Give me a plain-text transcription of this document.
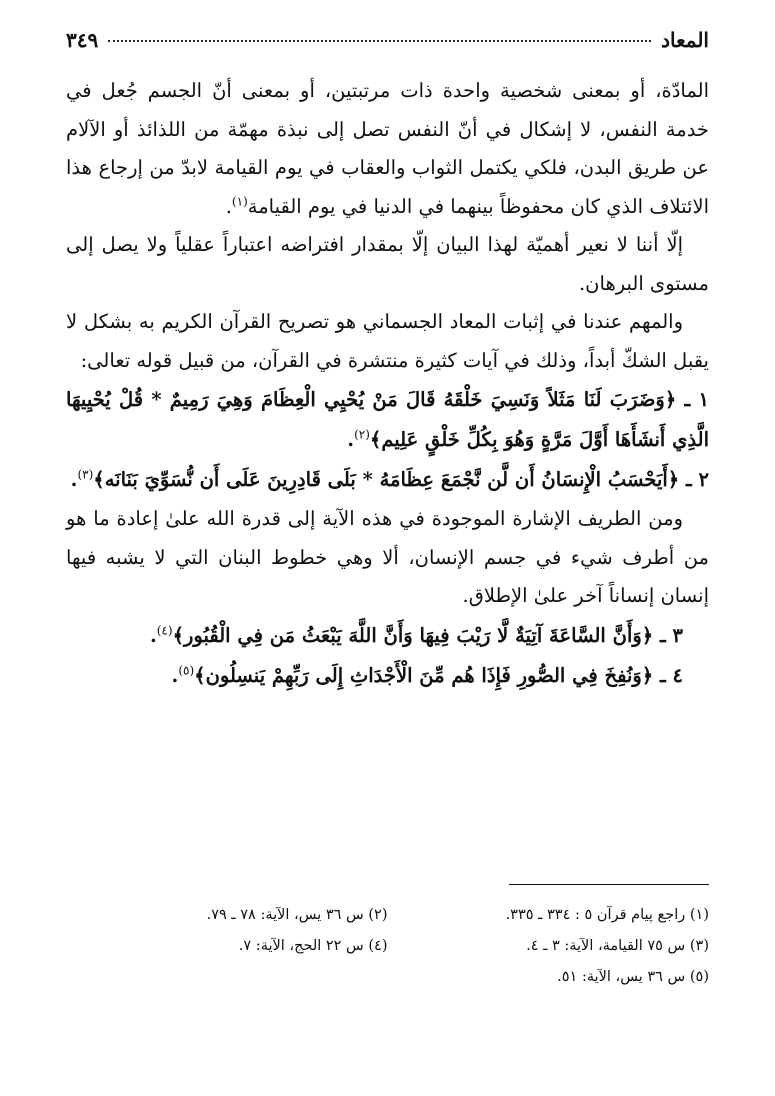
المعاد
٣٤٩

المادّة، أو بمعنى شخصية واحدة ذات مرتبتين، أو بمعنى أنّ الجسم جُعل في خدمة النفس، لا إشكال في أنّ النفس تصل إلى نبذة مهمّة من اللذائذ أو الآلام عن طريق البدن، فلكي يكتمل الثواب والعقاب في يوم القيامة لابدّ من إرجاع هذا الائتلاف الذي كان محفوظاً بينهما في الدنيا في يوم القيامة$^{(١)}$.

إلّا أننا لا نعير أهميّة لهذا البيان إلّا بمقدار افتراضه اعتباراً عقلياً ولا يصل إلى مستوى البرهان.

والمهم عندنا في إثبات المعاد الجسماني هو تصريح القرآن الكريم به بشكل لا يقبل الشكّ أبداً، وذلك في آيات كثيرة منتشرة في القرآن، من قبيل قوله تعالى:

١ ـ ﴿وَضَرَبَ لَنَا مَثَلاً وَنَسِيَ خَلْقَهُ قَالَ مَنْ يُحْيِي الْعِظَامَ وَهِيَ رَمِيمٌ * قُلْ يُحْيِيهَا الَّذِي أَنشَأَهَا أَوَّلَ مَرَّةٍ وَهُوَ بِكُلِّ خَلْقٍ عَلِيم﴾$^{(٢)}$.

٢ ـ ﴿أَيَحْسَبُ الْإِنسَانُ أَن لَّن نَّجْمَعَ عِظَامَهُ * بَلَى قَادِرِينَ عَلَى أَن نُّسَوِّيَ بَنَانَه﴾$^{(٣)}$.

ومن الطريف الإشارة الموجودة في هذه الآية إلى قدرة الله علىٰ إعادة ما هو من أطرف شيء في جسم الإنسان، ألا وهي خطوط البنان التي لا يشبه فيها إنسان إنساناً آخر علىٰ الإطلاق.

٣ ـ ﴿وَأَنَّ السَّاعَةَ آتِيَةٌ لَّا رَيْبَ فِيهَا وَأَنَّ اللَّهَ يَبْعَثُ مَن فِي الْقُبُور﴾$^{(٤)}$.

٤ ـ ﴿وَنُفِخَ فِي الصُّورِ فَإِذَا هُم مِّنَ الْأَجْدَاثِ إِلَى رَبِّهِمْ يَنسِلُون﴾$^{(٥)}$.

(١) راجع پيام قرآن ٥ : ٣٣٤ ـ ٣٣٥.
(٢) س ٣٦ يس، الآية: ٧٨ ـ ٧٩.
(٣) س ٧٥ القيامة، الآية: ٣ ـ ٤.
(٤) س ٢٢ الحج، الآية: ٧.
(٥) س ٣٦ يس، الآية: ٥١.
